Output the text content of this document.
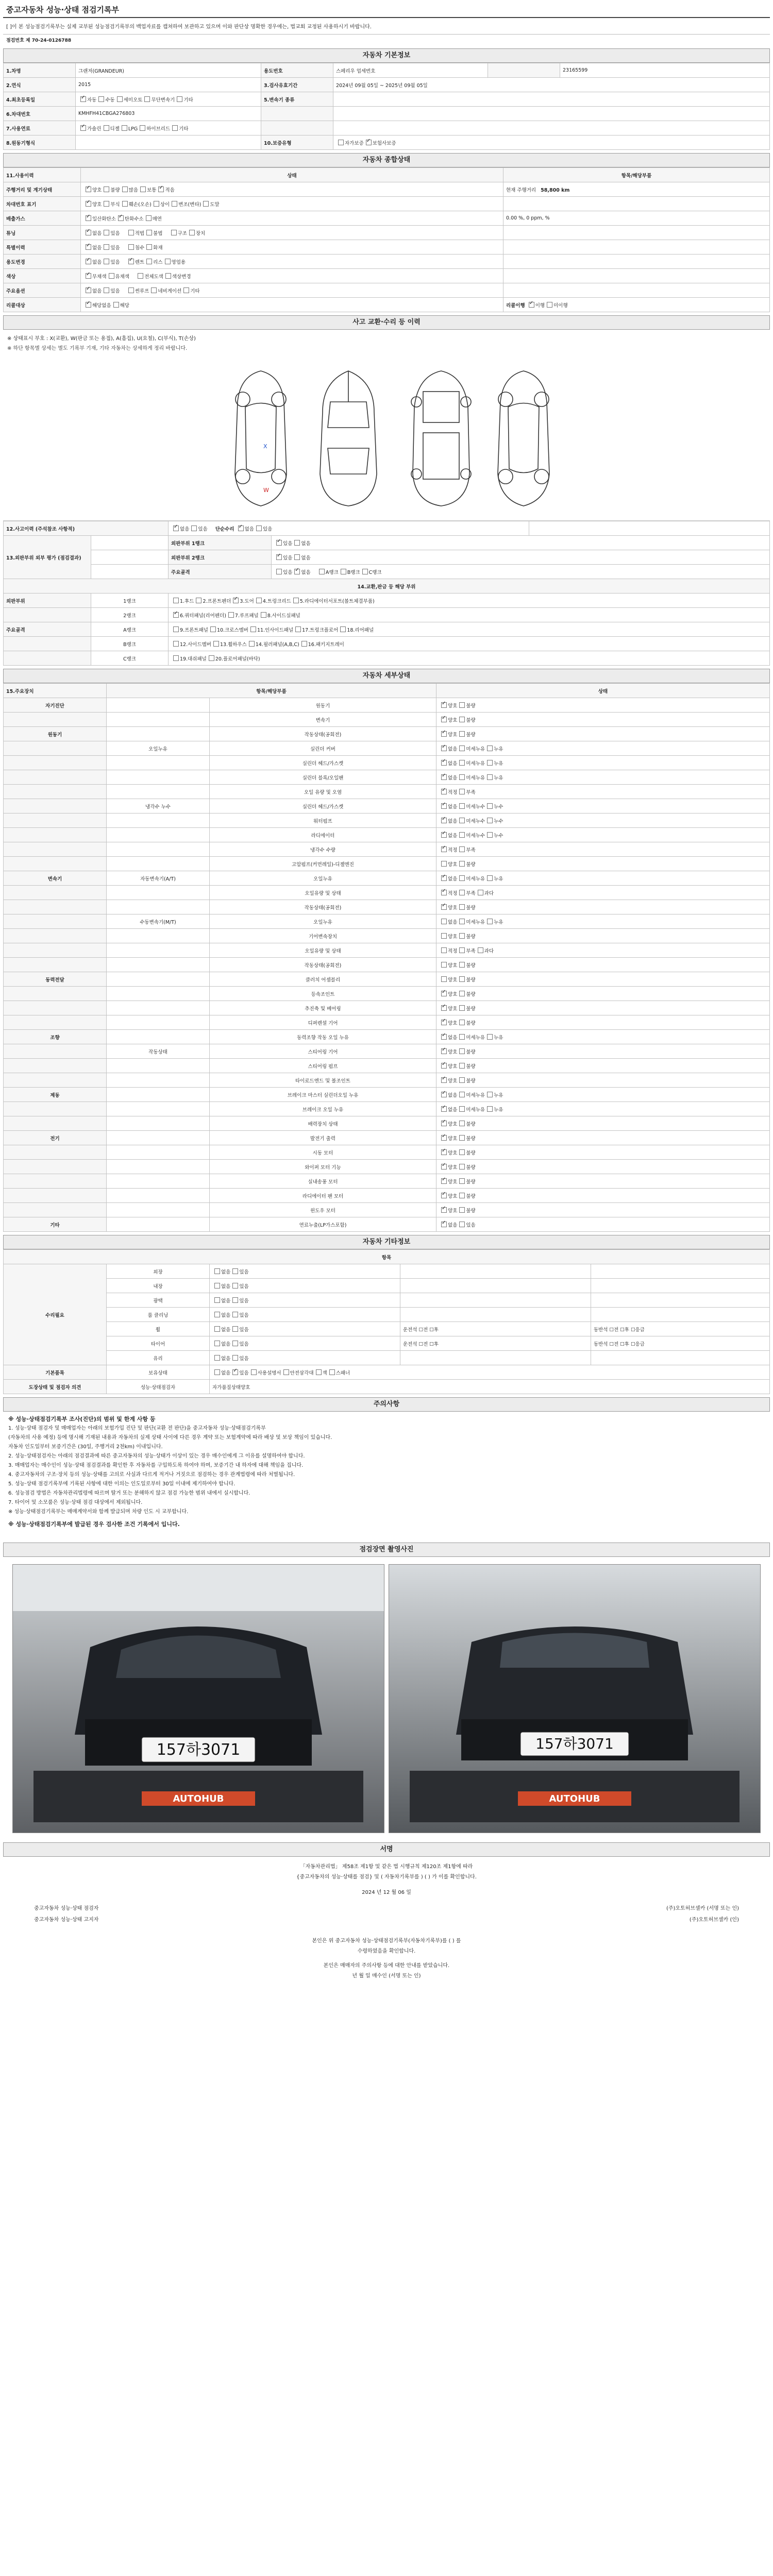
중고자동차 성능·상태 점검기록부
[ ]이 본 성능점검기록부는 실제 교부된 성능점검기록부의 백업자료를 캡쳐하여 보관하고 있으며 이와 판단상 명확한 경우에는, 법교회 교정된 사용하시기 바랍니다.
점검번호 제 70-24-0126788
자동차 기본정보
1.차명	그랜저(GRANDEUR)	용도번호	스페리우 업세번호		23165599
2.연식	2015	3.검사유효기간	2024년 09월 05일 ~ 2025년 09월 05일		
4.최초등록일	✓자동 수동 세미오토 무단변속기 기타	5.변속기 종류			
6.차대번호	KMHFH41CBGA276803				
7.사용연료	✓가솔린 디젤 LPG 하이브리드 기타		
8.원동기형식		10.보증유형	자가보증 ✓ 보험사보증
자동차 종합상태
11.사용이력	상태	항목/해당부품
주행거리 및 계기상태	✓양호 불량 많음 보통 ✓ 적음	현재 주행거리 58,800 km
차대번호 표기	✓양호 부식 훼손(오손) 상이 변조(변타) 도말	
배출가스	✓일산화탄소 ✓ 탄화수소 매연	0.00 %, 0 ppm, %
튜닝	✓없음 있음 적법 불법 구조 장치	
특별이력	✓없음 있음 침수 화재	
용도변경	✓없음 있음 ✓ 렌트 리스 영업용	
색상	✓무채색 유채색 전체도색 색상변경	
주요옵션	✓없음 있음 썬루프 네비게이션 기타	
리콜대상	✓해당없음 해당	리콜이행 ✓ 이행 미이행
사고 교환·수리 등 이력
※ 상태표시 부호 : X(교환), W(판금 또는 용접), A(흠집), U(요철), C(부식), T(손상)
※ 하단 항목별 상세는 별도 기록부 기재, 기타 자동차는 상세하게 정리 바랍니다.
X
W
12.사고이력 (주석참조 사항적)	✓없음 있음 단순수리 ✓ 없음 있음	
13.외판부위 외부 평가 (점검결과)		외판부위 1랭크	✓있음 없음
		외판부위 2랭크	✓있음 없음
		주요골격	있음 ✓ 없음 A랭크 B랭크 C랭크
14.교환,판금 등 해당 부위				
외판부위	1랭크	1.후드 2.프론트펜더 ✓ 3.도어 4.트렁크리드 5.라디에이터서포트(볼트체결부품)
	2랭크	✓6.쿼터패널(리어펜더) 7.루프패널 8.사이드실패널
주요골격	A랭크	9.프론트패널 10.크로스멤버 11.인사이드패널 17.트렁크플로어 18.리어패널		
	B랭크	12.사이드멤버 13.휠하우스 14.필러패널(A,B,C) 16.패키지트레이		
	C랭크	19.대쉬패널 20.플로어패널(바닥)		
자동차 세부상태
15.주요장치	항목/해당부품		상태
자기진단		원동기	✓양호 불량
		변속기	✓양호 불량
원동기		작동상태(공회전)	✓양호 불량
	오일누유	실린더 커버	✓없음 미세누유 누유
		실린더 헤드/가스켓	✓없음 미세누유 누유
		실린더 블록/오일팬	✓없음 미세누유 누유
		오일 유량 및 오염	✓적정 부족
	냉각수 누수	실린더 헤드/가스켓	✓없음 미세누수 누수
		워터펌프	✓없음 미세누수 누수
		라디에이터	✓없음 미세누수 누수
		냉각수 수량	✓적정 부족
		고압펌프(커먼레일)-디젤엔진	양호 불량
변속기	자동변속기(A/T)	오일누유	✓없음 미세누유 누유
		오일유량 및 상태	✓적정 부족 과다
		작동상태(공회전)	✓양호 불량
	수동변속기(M/T)	오일누유	없음 미세누유 누유
		기어변속장치	양호 불량
		오일유량 및 상태	적정 부족 과다
		작동상태(공회전)	양호 불량
동력전달		클러치 어셈블리	양호 불량
		등속조인트	✓양호 불량
		추진축 및 베어링	✓양호 불량
		디퍼렌셜 기어	✓양호 불량
조향		동력조향 작동 오일 누유	✓없음 미세누유 누유
	작동상태	스티어링 기어	✓양호 불량
		스티어링 펌프	✓양호 불량
		타이로드엔드 및 볼조인트	✓양호 불량
제동		브레이크 마스터 실린더오일 누유	✓없음 미세누유 누유
		브레이크 오일 누유	✓없음 미세누유 누유
		배력장치 상태	✓양호 불량
전기		발전기 출력	✓양호 불량
		시동 모터	✓양호 불량
		와이퍼 모터 기능	✓양호 불량
		실내송풍 모터	✓양호 불량
		라디에이터 팬 모터	✓양호 불량
		윈도우 모터	✓양호 불량
기타		연료누출(LP가스포함)	✓없음 있음
자동차 기타정보
항목				
수리필요	외장	없음 있음		
	내장	없음 있음		
	광택	없음 있음		
	룸 클리닝	없음 있음		
	휠	없음 있음	운전석 ☐전 ☐후	동반석 ☐전 ☐후 ☐응급
	타이어	없음 있음	운전석 ☐전 ☐후	동반석 ☐전 ☐후 ☐응급
	유리	없음 있음		
기본품목	보유상태	없음 ✓ 있음 사용설명서 안전삼각대 잭 스패너
도장상태 및 점검자 의견	성능·상태점검자	자가품질상태양호		
주의사항

※ 성능·상태점검기록부 조사(진단)의 범위 및 한계 사항 등

1. 성능·상태 점검자 및 매매업자는 아래의 보험가입 진단 및 판단(교환 전 판단)을 중고자동차 성능·상태점검기록부

(자동차의 사용 예정) 등에 명시해 기재된 내용과 자동차의 실제 상태 사이에 다른 경우 계약 또는 보험계약에 따라 배상 및 보상 책임이 있습니다.

자동차 인도일부터 보증기간은 (30일, 주행거리 2천km) 이내입니다.

2. 성능·상태점검자는 아래의 점검결과에 따른 중고자동차의 성능·상태가 이상이 있는 경우 매수인에게 그 이유를 설명하여야 합니다.

3. 매매업자는 매수인이 성능·상태 점검결과를 확인한 후 자동차를 구입하도록 하여야 하며, 보증기간 내 하자에 대해 책임을 집니다.

4. 중고자동차의 구조·장치 등의 성능·상태를 고의로 사실과 다르게 적거나 거짓으로 점검하는 경우 관계법령에 따라 처벌됩니다.

5. 성능·상태 점검기록부에 기록된 사항에 대한 이의는 인도일로부터 30일 이내에 제기하여야 합니다.

6. 성능점검 방법은 자동차관리법령에 따르며 탈거 또는 분해하지 않고 점검 가능한 범위 내에서 실시합니다.

7. 타이어 및 소모품은 성능·상태 점검 대상에서 제외됩니다.

※ 성능·상태점검기록부는 매매계약서와 함께 발급되며 차량 인도 시 교부합니다.

※ 성능·상태점검기록부에 발급된 경우 검사한 조건 기록에서 입니다.

점검장면 촬영사진
157하3071
AUTOHUB
157하3071
AUTOHUB
서명
「자동차관리법」 제58조 제1항 및 같은 법 시행규칙 제120조 제1항에 따라
{중고자동차의 성능·상태를 점검} 및 ( 자동차기록부를 ) ( ) 가 이를 확인합니다.
2024 년 12 월 06 일
중고자동차 성능·상태 점검자	(주)오토허브셀카 (서명 또는 인)
중고자동차 성능·상태 고지자	(주)오토허브셀카 (인)
본인은 위 중고자동차 성능·상태점검기록부(자동차기록부)를 ( ) 를
수령하였음을 확인합니다.
본인은 매매자의 주의사항 등에 대한 안내를 받았습니다.
년 월 일 매수인 (서명 또는 인)
